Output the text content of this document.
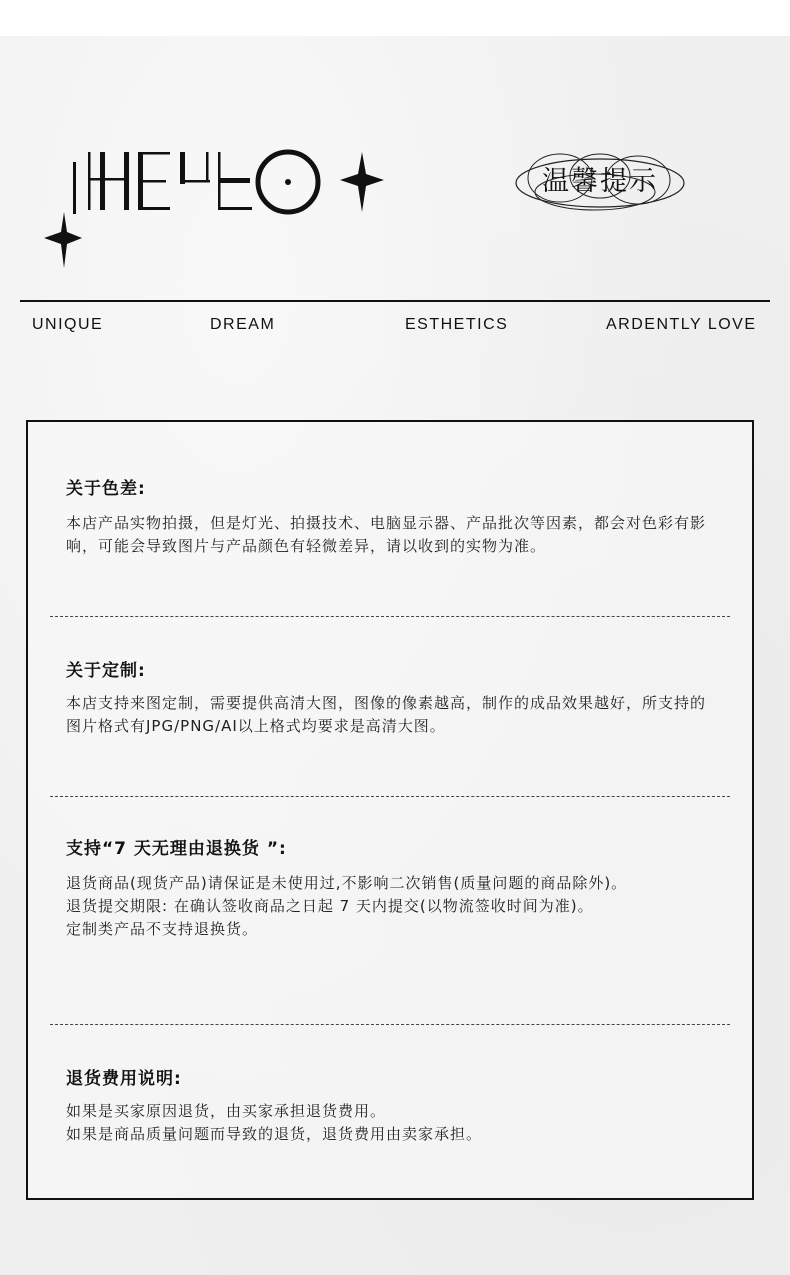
温馨提示
UNIQUE	DREAM	ESTHETICS	ARDENTLY LOVE
关于色差:

本店产品实物拍摄，但是灯光、拍摄技术、电脑显示器、产品批次等因素，都会对色彩有影响，可能会导致图片与产品颜色有轻微差异，请以收到的实物为准。

关于定制:

本店支持来图定制，需要提供高清大图，图像的像素越高，制作的成品效果越好，所支持的图片格式有JPG/PNG/AI以上格式均要求是高清大图。

支持“7 天无理由退换货 ”:

退货商品(现货产品)请保证是未使用过,不影响二次销售(质量问题的商品除外)。

退货提交期限: 在确认签收商品之日起 7 天内提交(以物流签收时间为准)。

定制类产品不支持退换货。

退货费用说明:

如果是买家原因退货，由买家承担退货费用。

如果是商品质量问题而导致的退货，退货费用由卖家承担。
